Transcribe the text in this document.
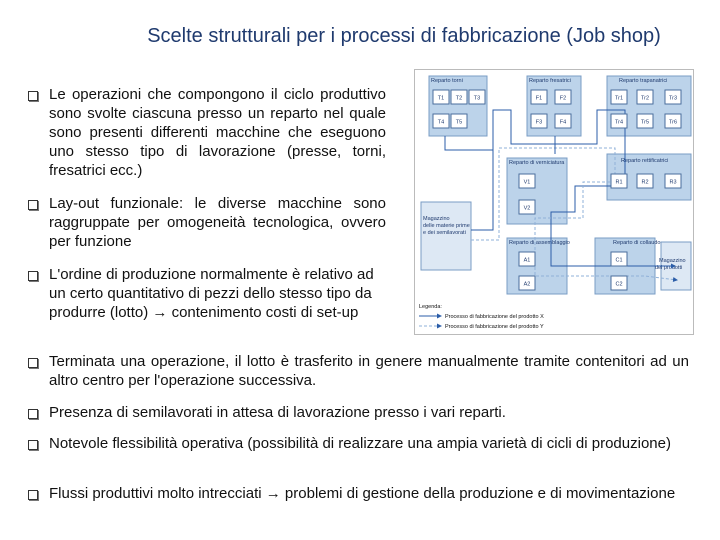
Scelte strutturali per i processi di fabbricazione (Job shop)
Le operazioni che compongono il ciclo produttivo sono svolte ciascuna presso un reparto nel quale sono presenti differenti macchine che eseguono uno stesso tipo di lavorazione (presse, torni, fresatrici ecc.)
Lay-out funzionale: le diverse macchine sono raggruppate per omogeneità tecnologica, ovvero per funzione
L'ordine di produzione normalmente è relativo ad un certo quantitativo di pezzi dello stesso tipo da produrre (lotto) → contenimento costi di set-up
Terminata una operazione, il lotto è trasferito in genere manualmente tramite contenitori ad un altro centro per l'operazione successiva.
Presenza di semilavorati in attesa di lavorazione presso i vari reparti.
Notevole flessibilità operativa (possibilità di realizzare una ampia varietà di cicli di produzione)
Flussi produttivi molto intrecciati → problemi di gestione della produzione e di movimentazione
Reparto torni	Reparto fresatrici	Reparto trapanatrici
Reparto di verniciatura	Reparto rettificatrici
Reparto di assemblaggio	Reparto di collaudo
Magazzino delle materie prime e dei semilavorati
Magazzino dei prodotti
T1 T2 T3
T4 T5
F1	F2
F3	F4
Tr1	Tr2	Tr3
Tr4	Tr5	Tr6
V1
V2
R1	R2	R3
A1
A2
C1
C2
Legenda:
Processo di fabbricazione del prodotto X
Processo di fabbricazione del prodotto Y
